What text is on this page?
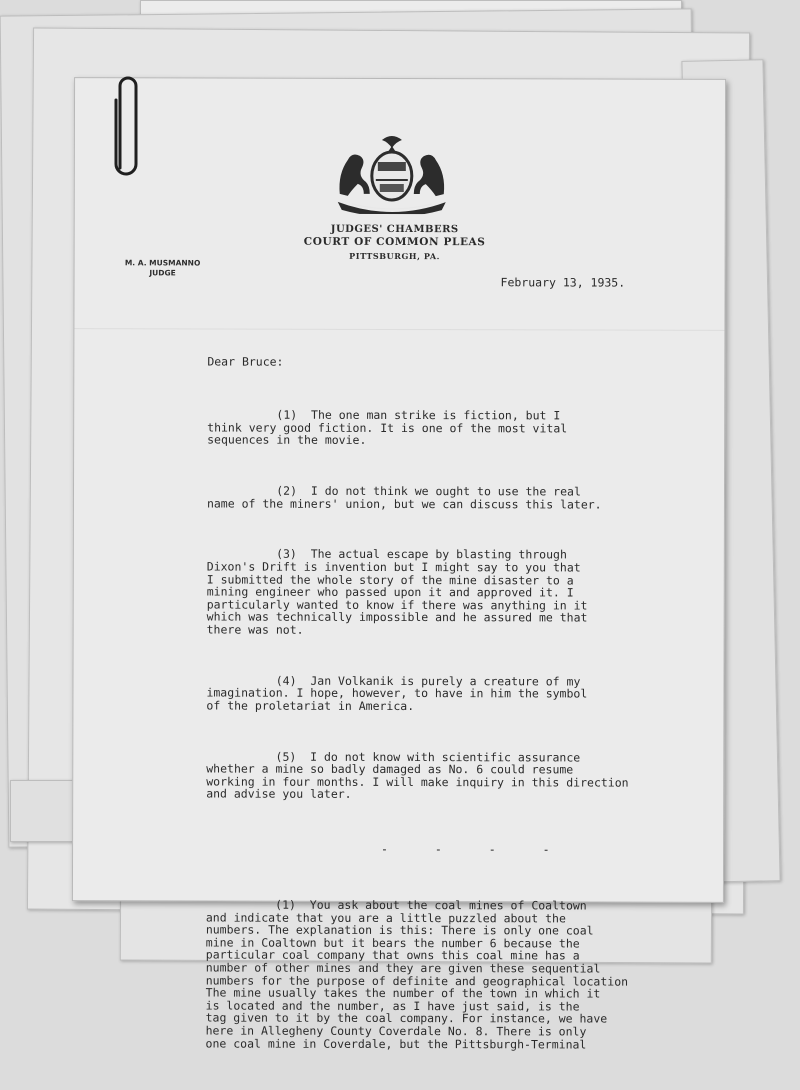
JUDGES' CHAMBERS
COURT OF COMMON PLEAS
PITTSBURGH, PA.
M. A. MUSMANNO
JUDGE
February 13, 1935.

Dear Bruce:

(1)  The one man strike is fiction, but I
think very good fiction. It is one of the most vital
sequences in the movie.

(2)  I do not think we ought to use the real
name of the miners' union, but we can discuss this later.

(3)  The actual escape by blasting through
Dixon's Drift is invention but I might say to you that
I submitted the whole story of the mine disaster to a
mining engineer who passed upon it and approved it. I
particularly wanted to know if there was anything in it
which was technically impossible and he assured me that
there was not.

(4)  Jan Volkanik is purely a creature of my
imagination. I hope, however, to have in him the symbol
of the proletariat in America.

(5)  I do not know with scientific assurance
whether a mine so badly damaged as No. 6 could resume
working in four months. I will make inquiry in this direction
and advise you later.

- - - -

(1)  You ask about the coal mines of Coaltown
and indicate that you are a little puzzled about the
numbers. The explanation is this: There is only one coal
mine in Coaltown but it bears the number 6 because the
particular coal company that owns this coal mine has a
number of other mines and they are given these sequential
numbers for the purpose of definite and geographical location
The mine usually takes the number of the town in which it
is located and the number, as I have just said, is the
tag given to it by the coal company. For instance, we have
here in Allegheny County Coverdale No. 8. There is only
one coal mine in Coverdale, but the Pittsburgh-Terminal
